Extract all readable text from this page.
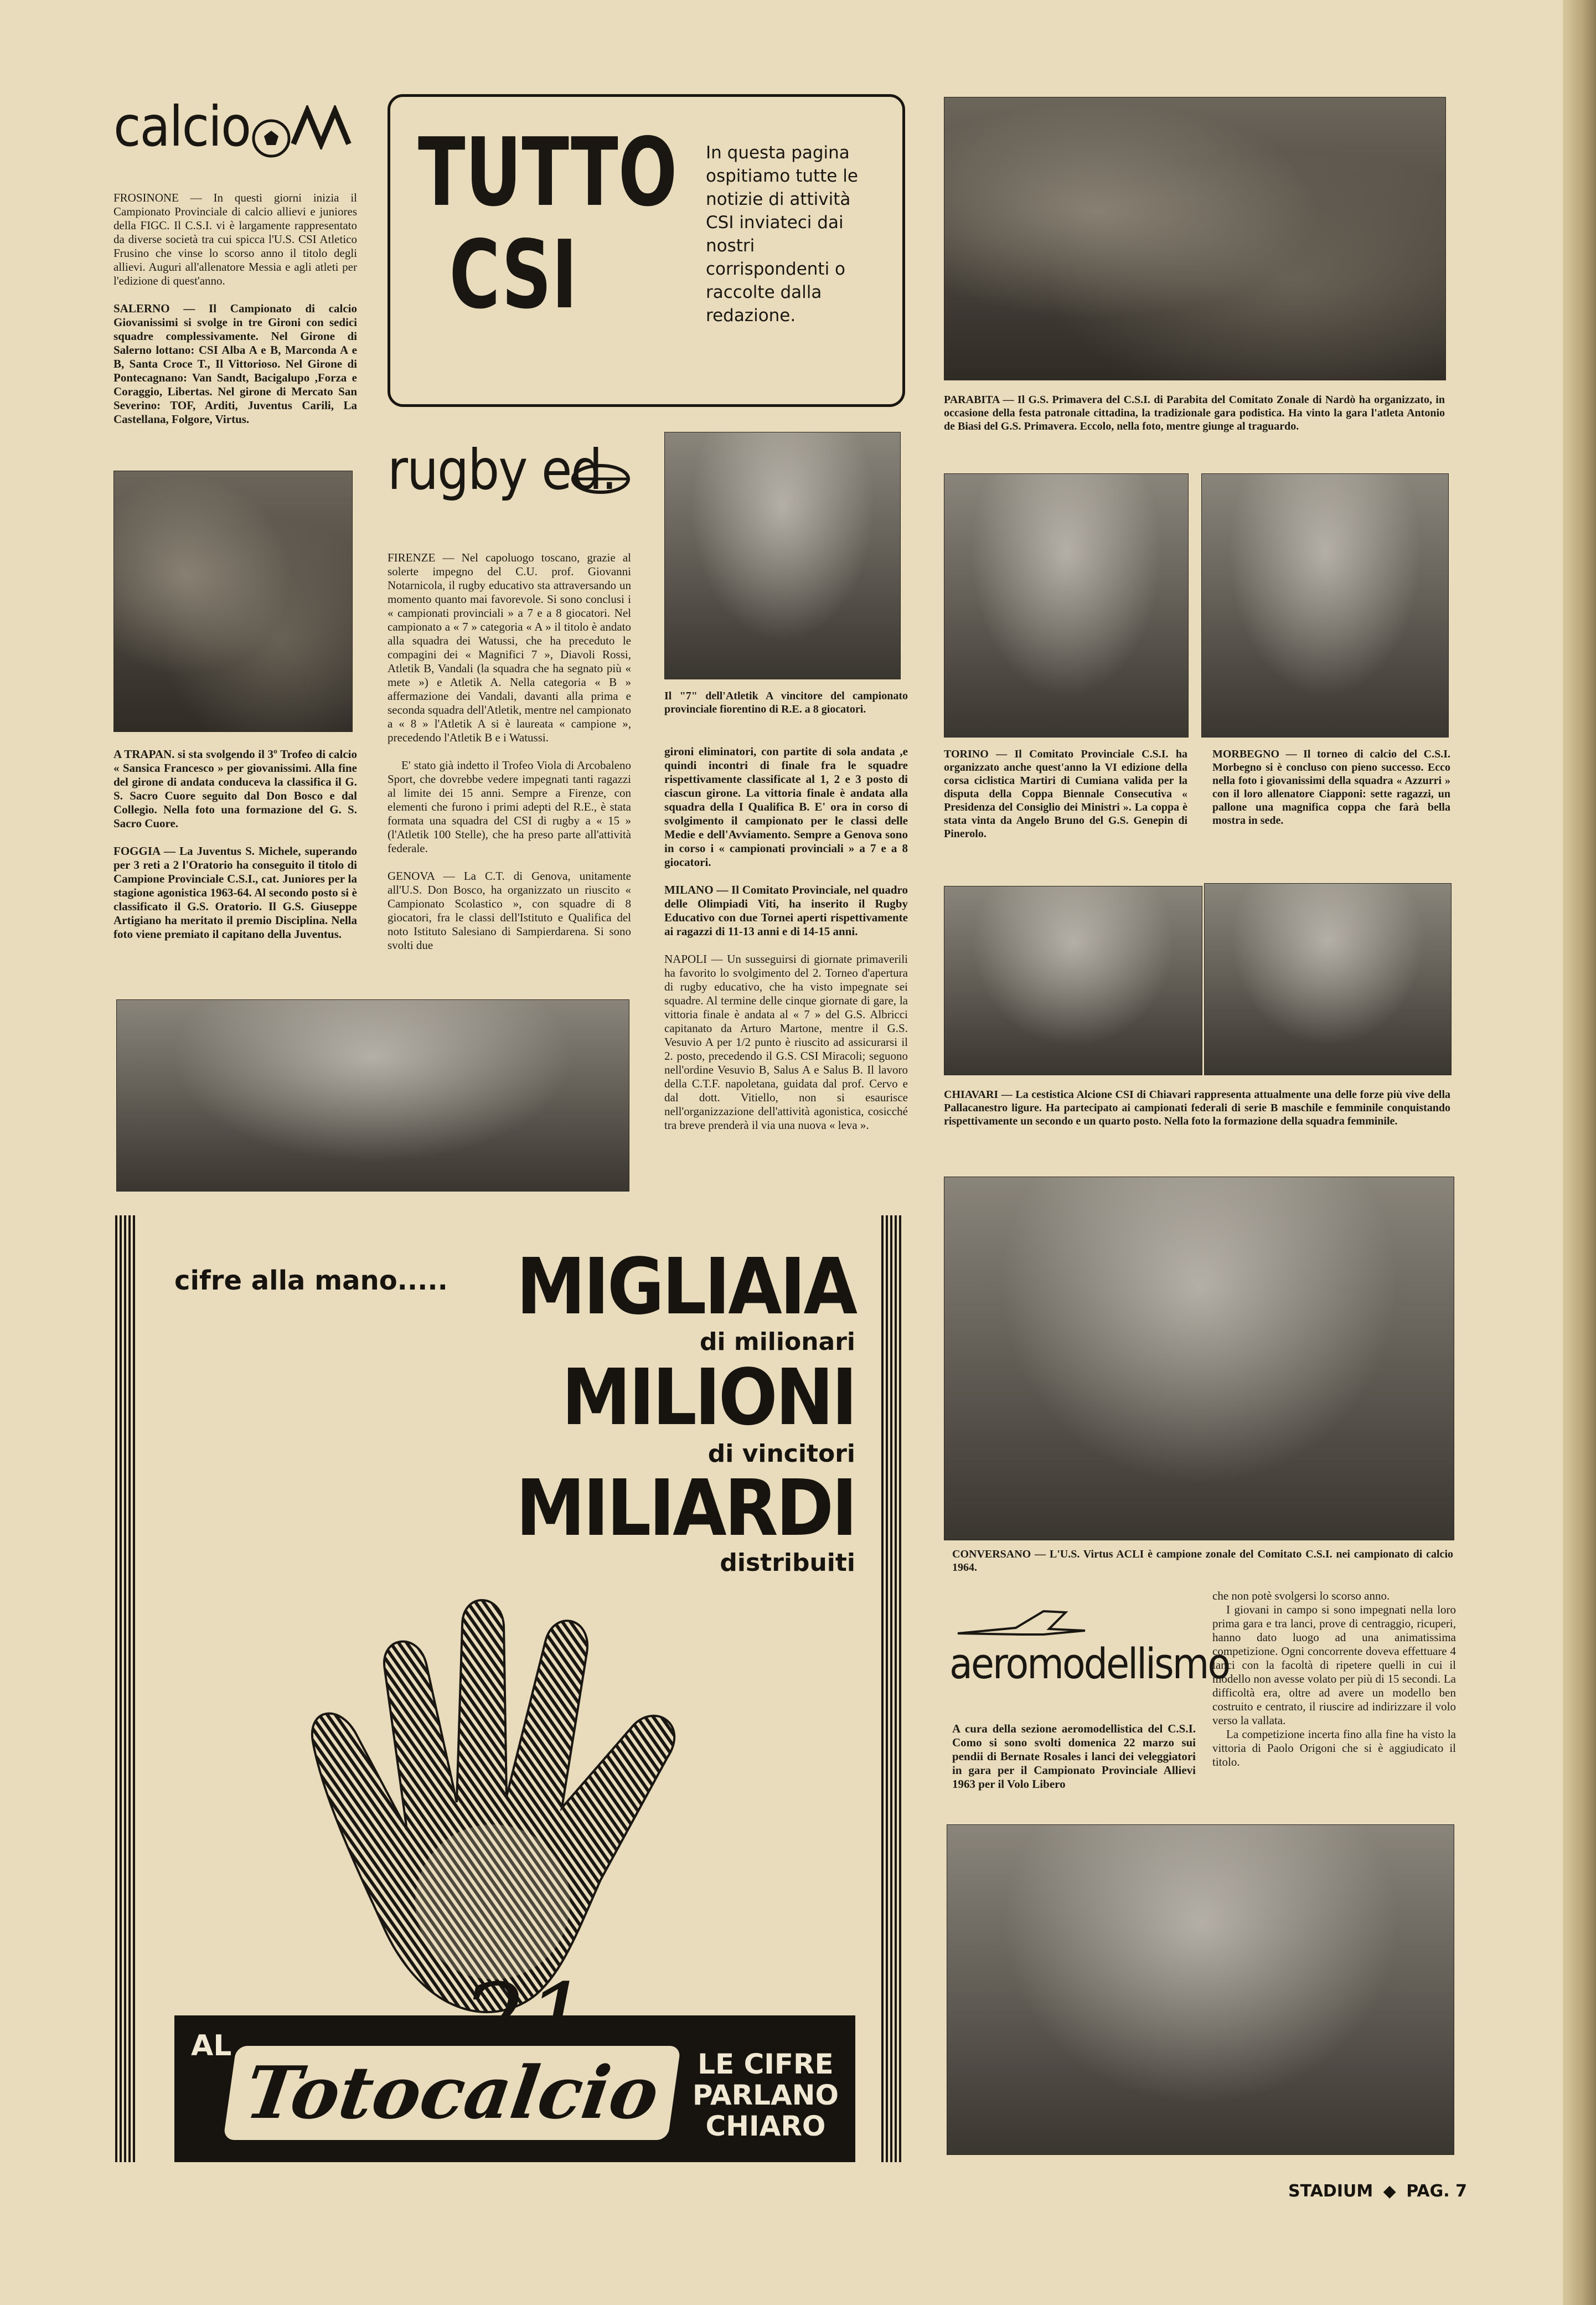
calcio

FROSINONE — In questi giorni inizia il Campionato Provinciale di calcio allievi e juniores della FIGC. Il C.S.I. vi è largamente rappresentato da diverse società tra cui spicca l'U.S. CSI Atletico Frusino che vinse lo scorso anno il titolo degli allievi. Auguri all'allenatore Messia e agli atleti per l'edizione di quest'anno.

SALERNO — Il Campionato di calcio Giovanissimi si svolge in tre Gironi con sedici squadre complessivamente. Nel Girone di Salerno lottano: CSI Alba A e B, Marconda A e B, Santa Croce T., Il Vittorioso. Nel Girone di Pontecagnano: Van Sandt, Bacigalupo ,Forza e Coraggio, Libertas. Nel girone di Mercato San Severino: TOF, Arditi, Juventus Carili, La Castellana, Folgore, Virtus.

A TRAPAN. si sta svolgendo il 3º Trofeo di calcio « Sansica Francesco » per giovanissimi. Alla fine del girone di andata conduceva la classifica il G. S. Sacro Cuore seguito dal Don Bosco e dal Collegio. Nella foto una formazione del G. S. Sacro Cuore.

FOGGIA — La Juventus S. Michele, superando per 3 reti a 2 l'Oratorio ha conseguito il titolo di Campione Provinciale C.S.I., cat. Juniores per la stagione agonistica 1963-64. Al secondo posto si è classificato il G.S. Oratorio. Il G.S. Giuseppe Artigiano ha meritato il premio Disciplina. Nella foto viene premiato il capitano della Juventus.

TUTTO
CSI

In questa pagina ospitiamo tutte le notizie di attività CSI inviateci dai nostri corrispondenti o raccolte dalla redazione.

rugby ed.

FIRENZE — Nel capoluogo toscano, grazie al solerte impegno del C.U. prof. Giovanni Notarnicola, il rugby educativo sta attraversando un momento quanto mai favorevole. Si sono conclusi i « campionati provinciali » a 7 e a 8 giocatori. Nel campionato a « 7 » categoria « A » il titolo è andato alla squadra dei Watussi, che ha preceduto le compagini dei « Magnifici 7 », Diavoli Rossi, Atletik B, Vandali (la squadra che ha segnato più « mete ») e Atletik A. Nella categoria « B » affermazione dei Vandali, davanti alla prima e seconda squadra dell'Atletik, mentre nel campionato a « 8 » l'Atletik A si è laureata « campione », precedendo l'Atletik B e i Watussi.

E' stato già indetto il Trofeo Viola di Arcobaleno Sport, che dovrebbe vedere impegnati tanti ragazzi al limite dei 15 anni. Sempre a Firenze, con elementi che furono i primi adepti del R.E., è stata formata una squadra del CSI di rugby a « 15 » (l'Atletik 100 Stelle), che ha preso parte all'attività federale.

GENOVA — La C.T. di Genova, unitamente all'U.S. Don Bosco, ha organizzato un riuscito « Campionato Scolastico », con squadre di 8 giocatori, fra le classi dell'Istituto e Qualifica del noto Istituto Salesiano di Sampierdarena. Si sono svolti due

Il "7" dell'Atletik A vincitore del campionato provinciale fiorentino di R.E. a 8 giocatori.

gironi eliminatori, con partite di sola andata ,e quindi incontri di finale fra le squadre rispettivamente classificate al 1, 2 e 3 posto di ciascun girone. La vittoria finale è andata alla squadra della I Qualifica B. E' ora in corso di svolgimento il campionato per le classi delle Medie e dell'Avviamento. Sempre a Genova sono in corso i « campionati provinciali » a 7 e a 8 giocatori.

MILANO — Il Comitato Provinciale, nel quadro delle Olimpiadi Viti, ha inserito il Rugby Educativo con due Tornei aperti rispettivamente ai ragazzi di 11-13 anni e di 14-15 anni.

NAPOLI — Un susseguirsi di giornate primaverili ha favorito lo svolgimento del 2. Torneo d'apertura di rugby educativo, che ha visto impegnate sei squadre. Al termine delle cinque giornate di gare, la vittoria finale è andata al « 7 » del G.S. Albricci capitanato da Arturo Martone, mentre il G.S. Vesuvio A per 1/2 punto è riuscito ad assicurarsi il 2. posto, precedendo il G.S. CSI Miracoli; seguono nell'ordine Vesuvio B, Salus A e Salus B. Il lavoro della C.T.F. napoletana, guidata dal prof. Cervo e dal dott. Vitiello, non si esaurisce nell'organizzazione dell'attività agonistica, cosicché tra breve prenderà il via una nuova « leva ».

PARABITA — Il G.S. Primavera del C.S.I. di Parabita del Comitato Zonale di Nardò ha organizzato, in occasione della festa patronale cittadina, la tradizionale gara podistica. Ha vinto la gara l'atleta Antonio de Biasi del G.S. Primavera. Eccolo, nella foto, mentre giunge al traguardo.

TORINO — Il Comitato Provinciale C.S.I. ha organizzato anche quest'anno la VI edizione della corsa ciclistica Martiri di Cumiana valida per la disputa della Coppa Biennale Consecutiva « Presidenza del Consiglio dei Ministri ». La coppa è stata vinta da Angelo Bruno del G.S. Genepin di Pinerolo.

MORBEGNO — Il torneo di calcio del C.S.I. Morbegno si è concluso con pieno successo. Ecco nella foto i giovanissimi della squadra « Azzurri » con il loro allenatore Ciapponi: sette ragazzi, un pallone una magnifica coppa che farà bella mostra in sede.

CHIAVARI — La cestistica Alcione CSI di Chiavari rappresenta attualmente una delle forze più vive della Pallacanestro ligure. Ha partecipato ai campionati federali di serie B maschile e femminile conquistando rispettivamente un secondo e un quarto posto. Nella foto la formazione della squadra femminile.

CONVERSANO — L'U.S. Virtus ACLI è campione zonale del Comitato C.S.I. nei campionato di calcio 1964.

aeromodellismo

A cura della sezione aeromodellistica del C.S.I. Como si sono svolti domenica 22 marzo sui pendii di Bernate Rosales i lanci dei veleggiatori in gara per il Campionato Provinciale Allievi 1963 per il Volo Libero

che non potè svolgersi lo scorso anno.

I giovani in campo si sono impegnati nella loro prima gara e tra lanci, prove di centraggio, ricuperi, hanno dato luogo ad una animatissima competizione. Ogni concorrente doveva effettuare 4 lanci con la facoltà di ripetere quelli in cui il modello non avesse volato per più di 15 secondi. La difficoltà era, oltre ad avere un modello ben costruito e centrato, il riuscire ad indirizzare il volo verso la vallata.

La competizione incerta fino alla fine ha visto la vittoria di Paolo Origoni che si è aggiudicato il titolo.

cifre alla mano..... MIGLIAIA
di milionari
MILIONI
di vincitori
MILIARDI
distribuiti
AL
Totocalcio	LE CIFRE
PARLANO
CHIARO
STADIUM ◆ PAG. 7
